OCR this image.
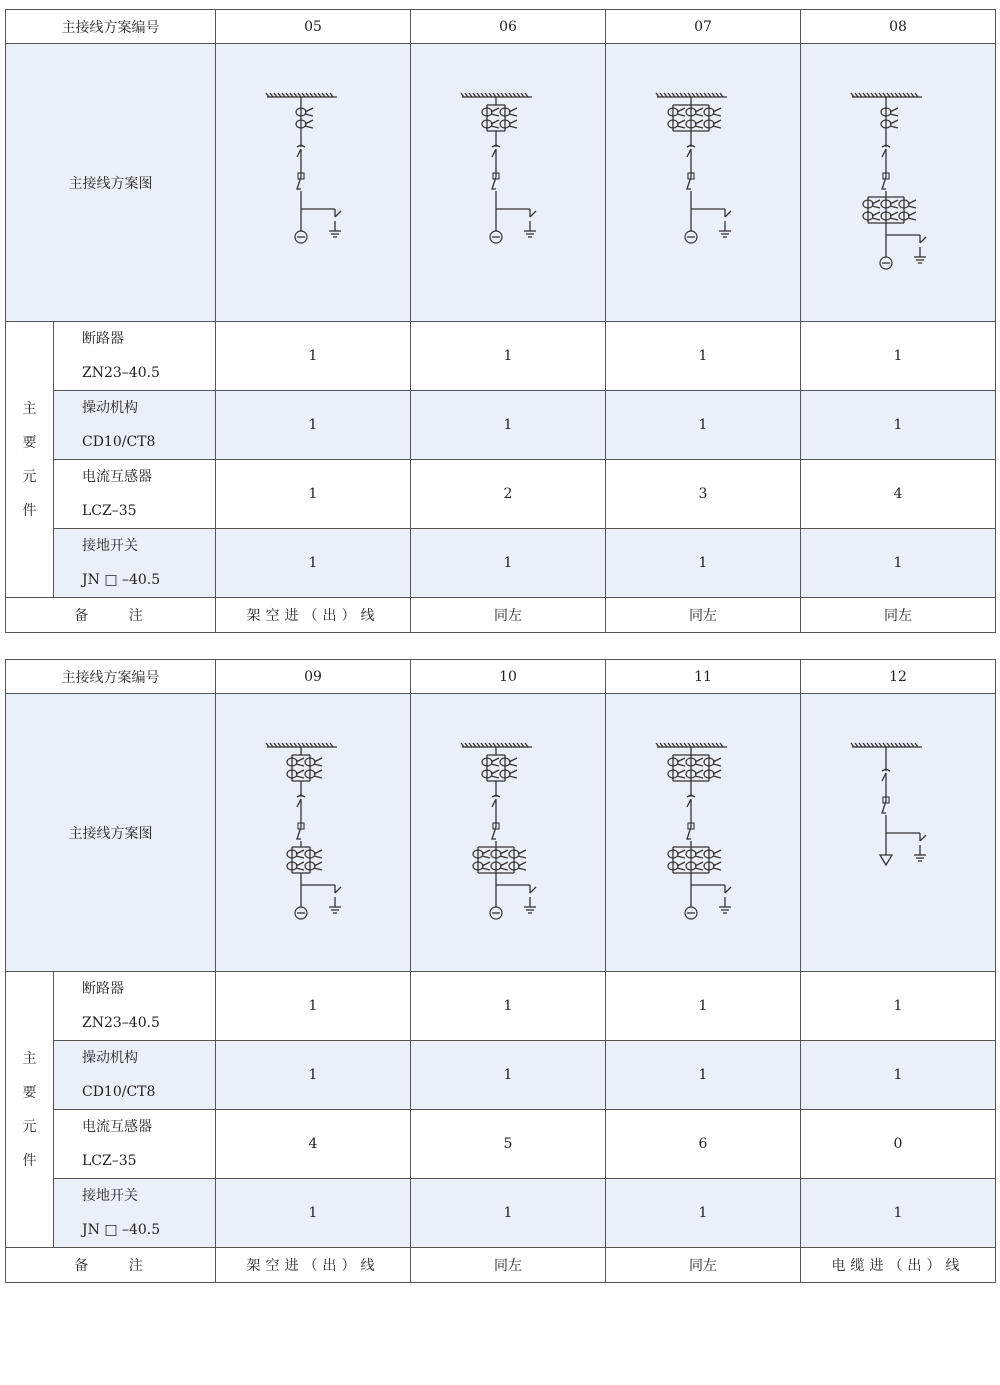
主接线方案编号		05	06	07	08
主接线方案图	

主
要
元
件	断路器
ZN23–40.5	1	1	1	1

	操动机构
CD10/CT8	1	1	1	1

	电流互感器
LCZ–35	1	2	3	4

	接地开关
JN □ –40.5	1	1	1	1
备 注		架空进（出）线	同左	同左	同左
主接线方案编号		09	10	11	12
主接线方案图	

主
要
元
件	断路器
ZN23–40.5	1	1	1	1

	操动机构
CD10/CT8	1	1	1	1

	电流互感器
LCZ–35	4	5	6	0

	接地开关
JN □ –40.5	1	1	1	1
备 注		架空进（出）线	同左	同左	电缆进（出）线
